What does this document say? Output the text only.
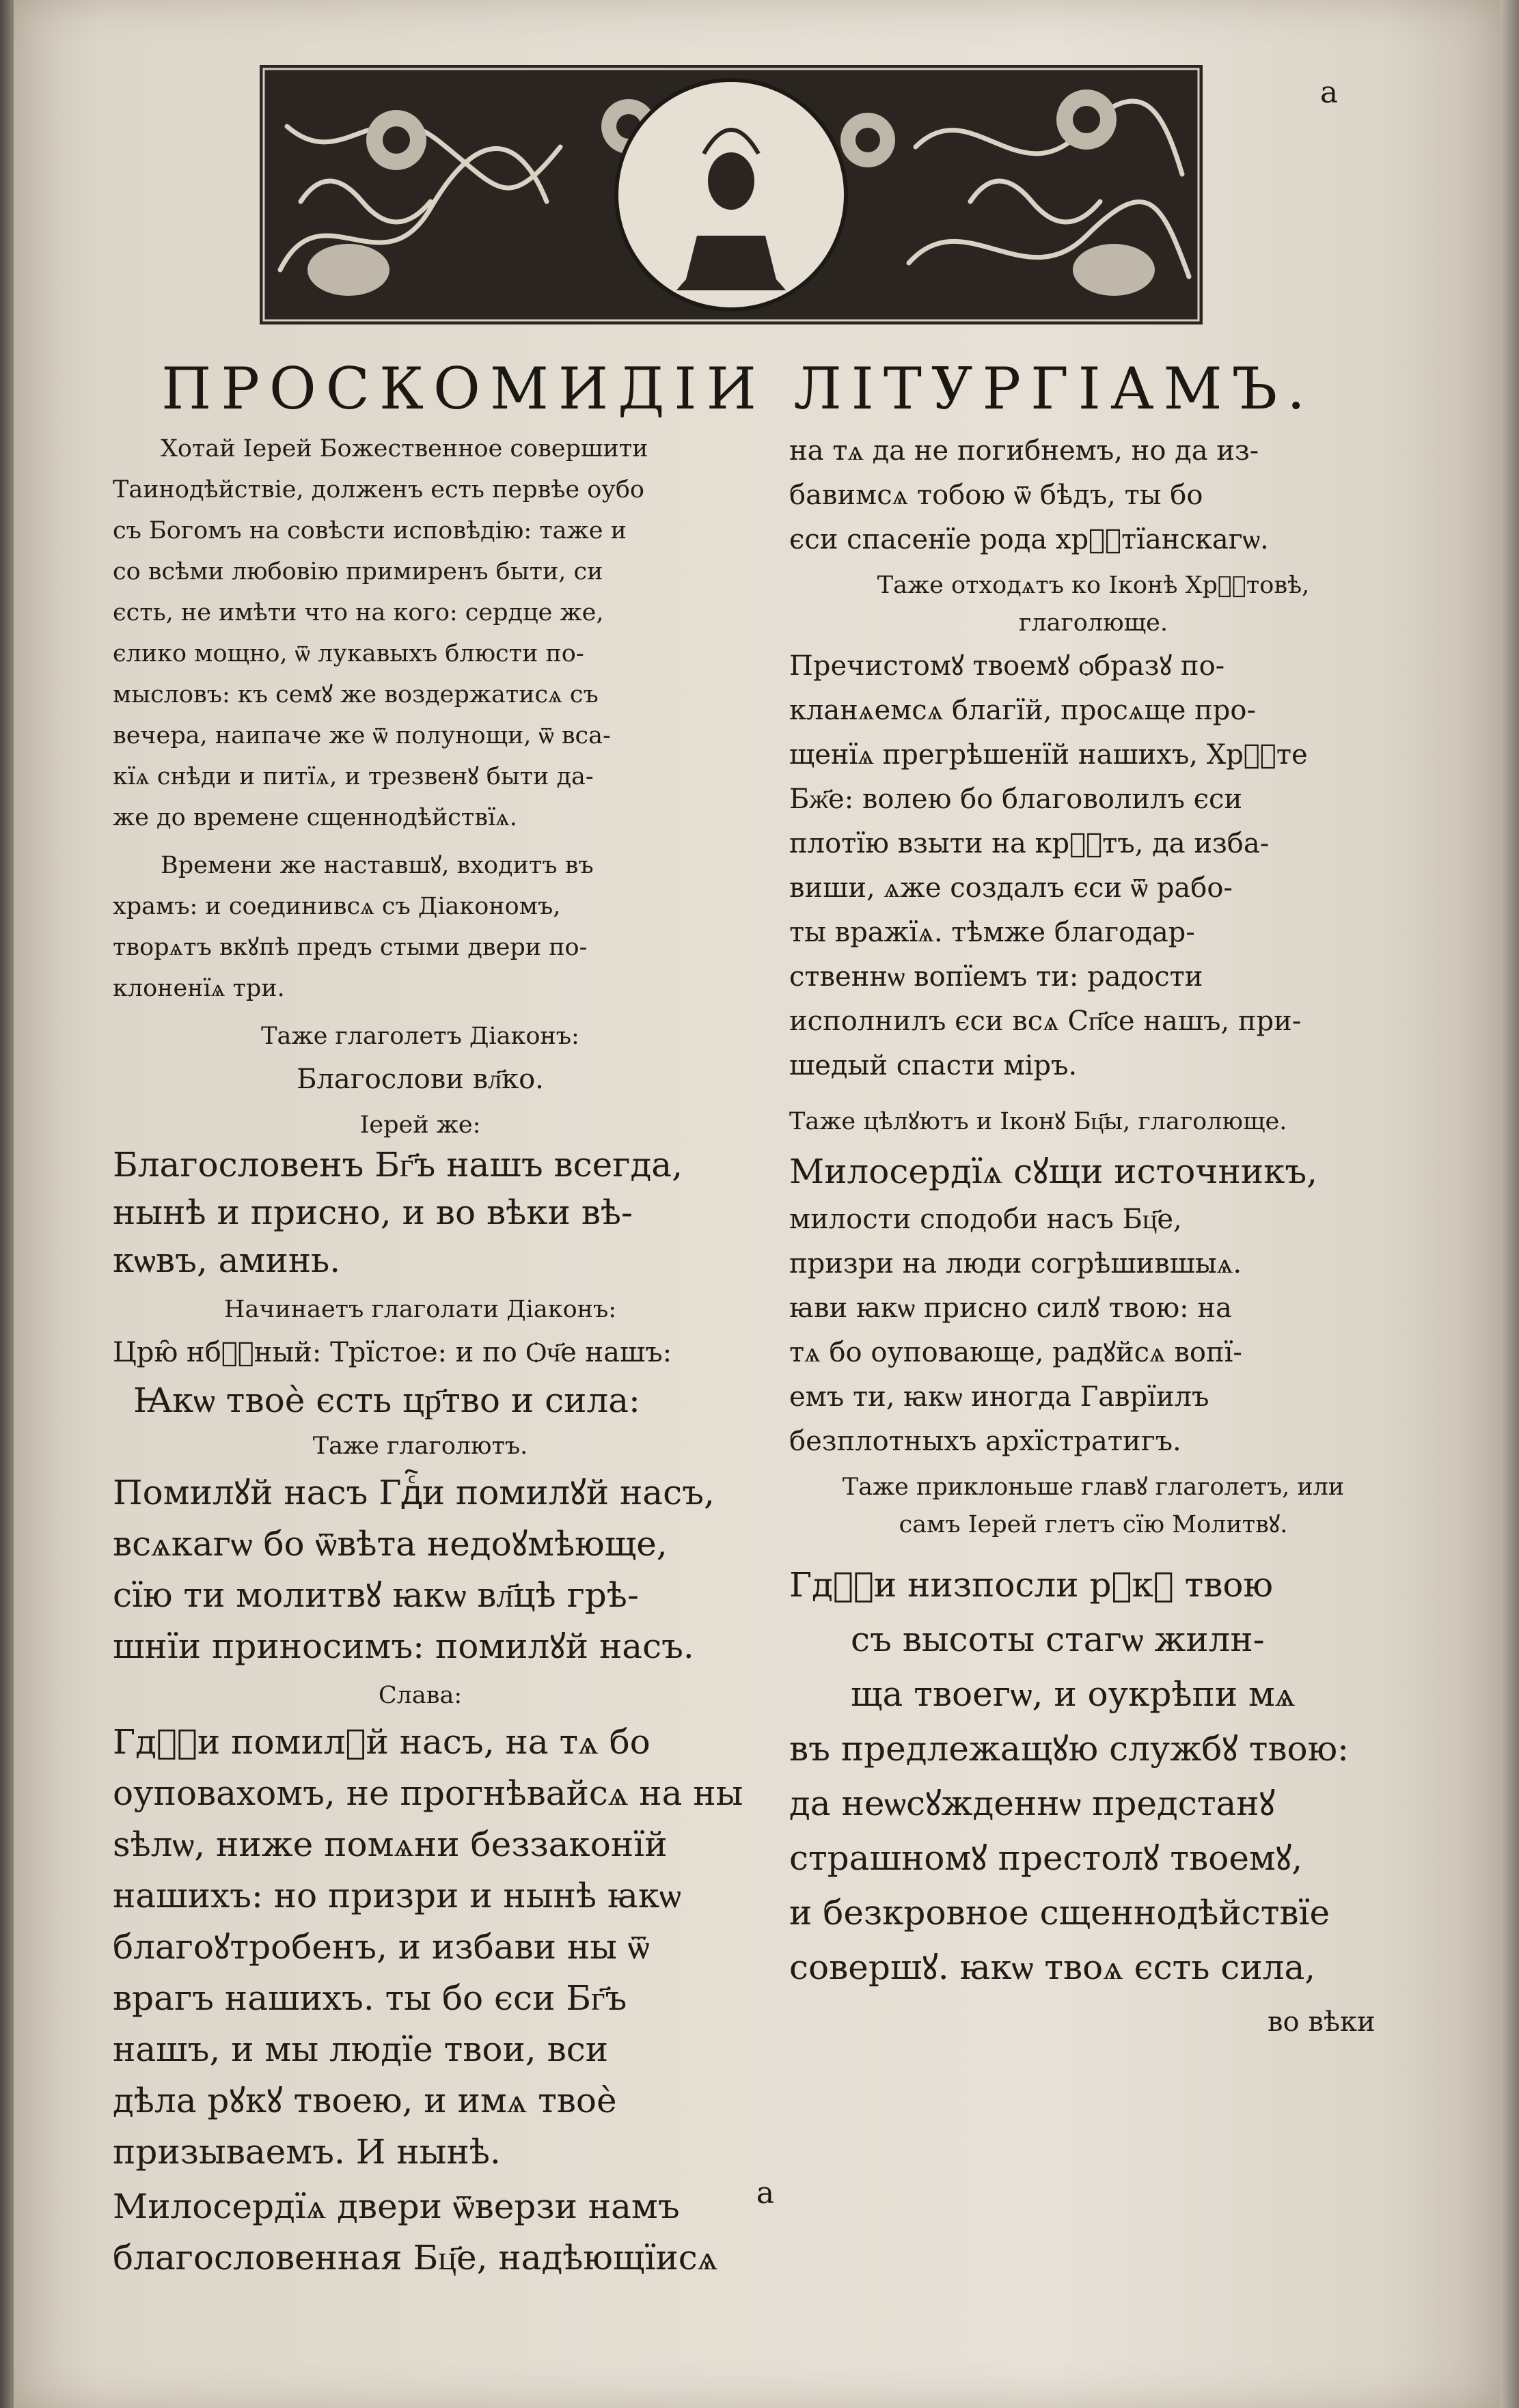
а
ПРОСКОМИДІИ ЛІТУРГІАМЪ.
Хотай Іерей Божественное совершити
Таинодѣйствіе, долженъ есть первѣе оубо
съ Богомъ на совѣсти исповѣдію: таже и
со всѣми любовію примиренъ быти, си
єсть, не имѣти что на когo: сердце же,
єлико мощно, ѿ лукавыхъ блюсти по-
мысловъ: къ семꙋ же воздержатисѧ съ
вечера, наипаче же ѿ полунощи, ѿ вса-
кїѧ снѣди и питїѧ, и трезвенꙋ быти да-
же до времене сщеннодѣйствїѧ.
Времени же наставшꙋ, входитъ въ
храмъ: и соединивсѧ съ Діакономъ,
творѧтъ вкꙋпѣ предъ стыми двери по-
клоненїѧ три.
Таже глаголетъ Діаконъ:
Благослови вл҃ко.
Іерей же:
Благословенъ Бг҃ъ нашъ всегда,
нынѣ и присно, и во вѣки вѣ-
кѡвъ, аминь.
Начинаетъ глаголати Діаконъ:
Црю̑ нбⷭ҇ный: Трїстое: и по Ѻч҃е нашъ:
Ꙗкѡ твоѐ єсть цр҃тво и сила:
Таже глаголютъ.
Помилꙋй насъ Гдⷭ҇и помилꙋй насъ,
всѧкагѡ бо ѿвѣта недоꙋмѣюще,
сїю ти молитвꙋ ꙗкѡ вл҃цѣ грѣ-
шнїи приносимъ: помилꙋй насъ.
Слава:
Гдⷭ҇и помилꙋй насъ, на тѧ бо
оуповахомъ, не прогнѣвайсѧ на ны
ѕѣлѡ, ниже помѧни беззаконїй
нашихъ: но призри и нынѣ ꙗкѡ
благоꙋтробенъ, и избави ны ѿ
врагъ нашихъ. ты бо єси Бг҃ъ
нашъ, и мы людїе твои, вси
дѣла рꙋкꙋ твоею, и имѧ твоѐ
призываемъ. И нынѣ.
Милосердїѧ двери ѿверзи намъ
благословенная Бц҃е, надѣющїисѧ
на тѧ да не погибнемъ, но да из-
бавимсѧ тобою ѿ бѣдъ, ты бо
єси спасенїе рода хрⷭ҇тїанскагѡ.
Таже отходѧтъ ко Іконѣ Хрⷭ҇товѣ,
глаголюще.
Пречистомꙋ твоемꙋ ѻбразꙋ по-
кланѧемсѧ благїй, просѧще про-
щенїѧ прегрѣшенїй нашихъ, Хрⷭ҇те
Бж҃е: волею бо благоволилъ єси
плотїю взыти на крⷭ҇тъ, да изба-
виши, ѧже создалъ єси ѿ рабо-
ты вражїѧ. тѣмже благодар-
ственнѡ вопїемъ ти: радости
исполнилъ єси всѧ Сп҃се нашъ, при-
шедый спасти мiръ.
Таже цѣлꙋютъ и Іконꙋ Бц҃ы, глаголюще.
Милосердїѧ сꙋщи источникъ,
милости сподоби насъ Бц҃е,
призри на люди согрѣшившыѧ.
ꙗви ꙗкѡ присно силꙋ твою: на
тѧ бо оуповающе, радꙋйсѧ вопї-
емъ ти, ꙗкѡ иногда Гаврїилъ
безплотныхъ архїстратигъ.
Таже приклоньше главꙋ глаголетъ, или
самъ Іерей глетъ сїю Молитвꙋ.
Гдⷭ҇и низпосли рꙋкꙋ твою
съ высоты стагѡ жилн-
ща твоегѡ, и оукрѣпи мѧ
въ предлежащꙋю службꙋ твою:
да неѡсꙋжденнѡ предстанꙋ
страшномꙋ престолꙋ твоемꙋ,
и безкровное сщеннодѣйствїе
совершꙋ. ꙗкѡ твоѧ єсть сила,
во вѣки
а
